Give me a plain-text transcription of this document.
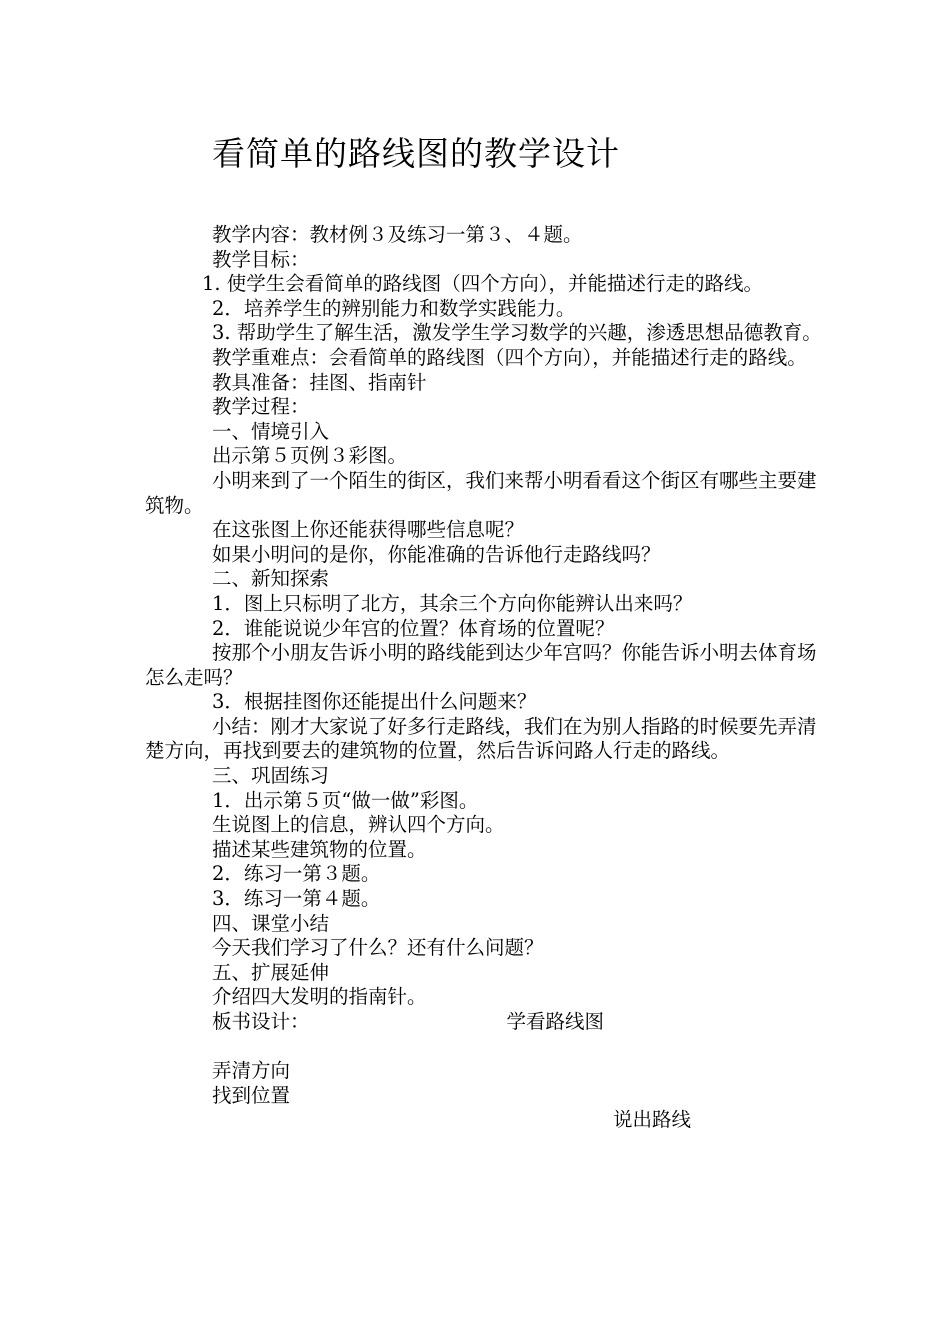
看简单的路线图的教学设计

教学内容：教材例３及练习一第３、４题。

教学目标：

1. 使学生会看简单的路线图（四个方向），并能描述行走的路线。

2．培养学生的辨别能力和数学实践能力。

3. 帮助学生了解生活，激发学生学习数学的兴趣，渗透思想品德教育。

教学重难点：会看简单的路线图（四个方向），并能描述行走的路线。

教具准备：挂图、指南针

教学过程：

一、情境引入

出示第５页例３彩图。

小明来到了一个陌生的街区，我们来帮小明看看这个街区有哪些主要建筑物。

在这张图上你还能获得哪些信息呢？

如果小明问的是你，你能准确的告诉他行走路线吗？

二、新知探索

1．图上只标明了北方，其余三个方向你能辨认出来吗？

2．谁能说说少年宫的位置？体育场的位置呢？

按那个小朋友告诉小明的路线能到达少年宫吗？你能告诉小明去体育场怎么走吗？

3．根据挂图你还能提出什么问题来？

小结：刚才大家说了好多行走路线，我们在为别人指路的时候要先弄清楚方向，再找到要去的建筑物的位置，然后告诉问路人行走的路线。

三、巩固练习

1．出示第５页“做一做”彩图。

生说图上的信息，辨认四个方向。

描述某些建筑物的位置。

2．练习一第３题。

3．练习一第４题。

四、课堂小结

今天我们学习了什么？还有什么问题？

五、扩展延伸

介绍四大发明的指南针。

板书设计：	学看路线图

弄清方向

找到位置

说出路线
